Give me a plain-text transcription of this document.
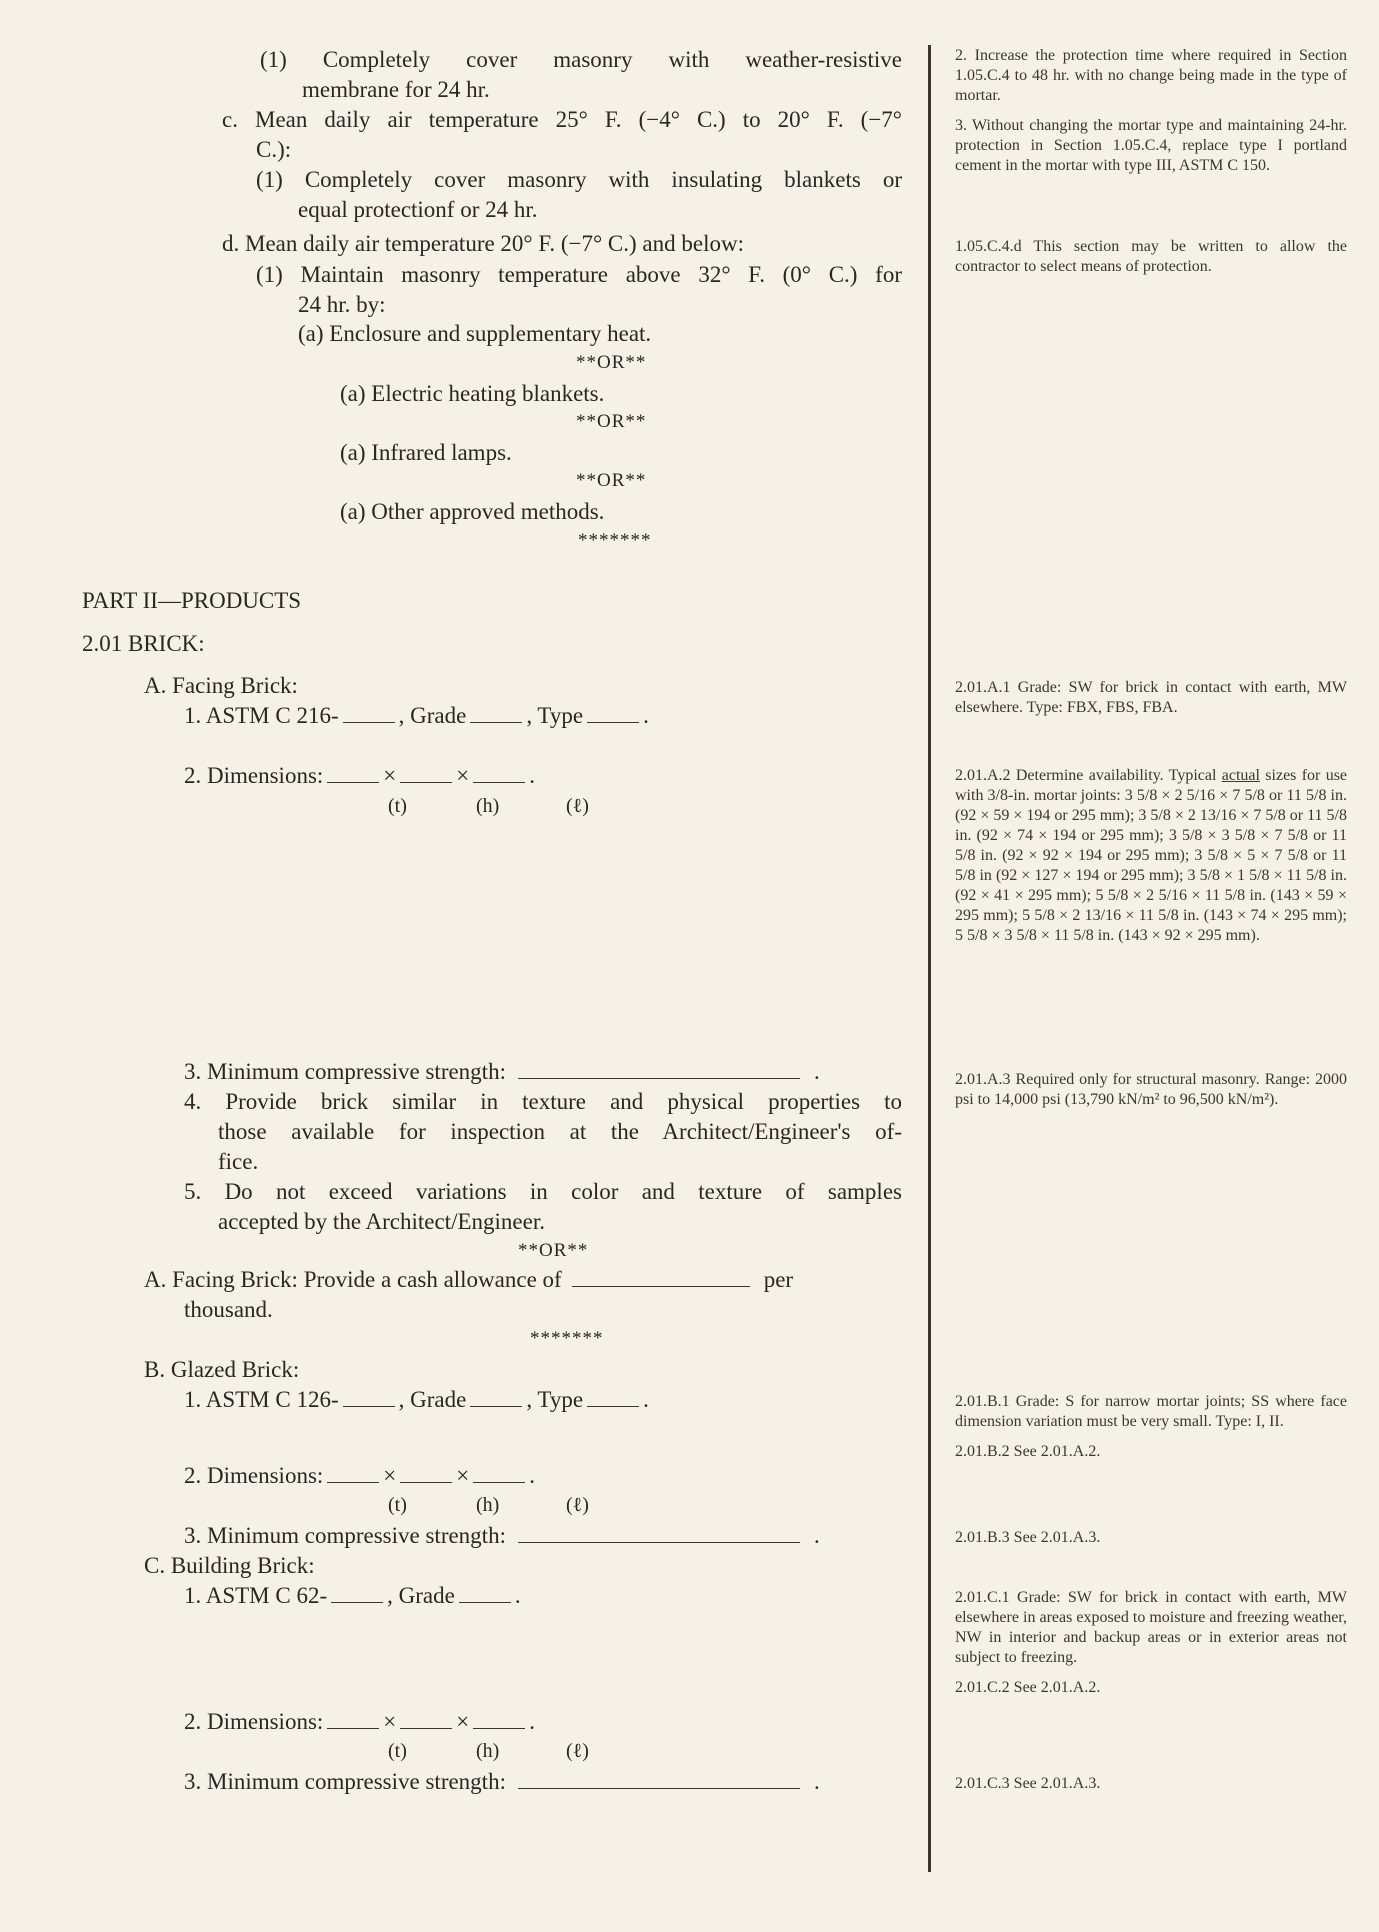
(1) Completely cover masonry with weather-resistive
membrane for 24 hr.
c. Mean daily air temperature 25° F. (−4° C.) to 20° F. (−7°
C.):
(1) Completely cover masonry with insulating blankets or
equal protectionf or 24 hr.
d. Mean daily air temperature 20° F. (−7° C.) and below:
(1) Maintain masonry temperature above 32° F. (0° C.) for
24 hr. by:
(a) Enclosure and supplementary heat.
**OR**
(a) Electric heating blankets.
**OR**
(a) Infrared lamps.
**OR**
(a) Other approved methods.
*******
PART II—PRODUCTS
2.01 BRICK:
A. Facing Brick:
1. ASTM C 216-	, Grade	, Type	.
2. Dimensions:	×	×	.
(t)	(h)	(ℓ)
3. Minimum compressive strength:	.
4. Provide brick similar in texture and physical properties to
those available for inspection at the Architect/Engineer's of-
fice.
5. Do not exceed variations in color and texture of samples
accepted by the Architect/Engineer.
**OR**
A. Facing Brick: Provide a cash allowance of	per
thousand.
*******
B. Glazed Brick:
1. ASTM C 126-	, Grade	, Type	.
2. Dimensions:	×	×	.
(t)	(h)	(ℓ)
3. Minimum compressive strength:	.
C. Building Brick:
1. ASTM C 62-	, Grade	.
2. Dimensions:	×	×	.
(t)	(h)	(ℓ)
3. Minimum compressive strength:	.

2. Increase the protection time where required in Section 1.05.C.4 to 48 hr. with no change being made in the type of mortar.

3. Without changing the mortar type and maintaining 24-hr. protection in Section 1.05.C.4, replace type I portland cement in the mortar with type III, ASTM C 150.

1.05.C.4.d This section may be written to allow the contractor to select means of protection.

2.01.A.1 Grade: SW for brick in contact with earth, MW elsewhere. Type: FBX, FBS, FBA.

2.01.A.2 Determine availability. Typical actual sizes for use with 3/8-in. mortar joints: 3 5/8 × 2 5/16 × 7 5/8 or 11 5/8 in. (92 × 59 × 194 or 295 mm); 3 5/8 × 2 13/16 × 7 5/8 or 11 5/8 in. (92 × 74 × 194 or 295 mm); 3 5/8 × 3 5/8 × 7 5/8 or 11 5/8 in. (92 × 92 × 194 or 295 mm); 3 5/8 × 5 × 7 5/8 or 11 5/8 in (92 × 127 × 194 or 295 mm); 3 5/8 × 1 5/8 × 11 5/8 in. (92 × 41 × 295 mm); 5 5/8 × 2 5/16 × 11 5/8 in. (143 × 59 × 295 mm); 5 5/8 × 2 13/16 × 11 5/8 in. (143 × 74 × 295 mm); 5 5/8 × 3 5/8 × 11 5/8 in. (143 × 92 × 295 mm).

2.01.A.3 Required only for structural masonry. Range: 2000 psi to 14,000 psi (13,790 kN/m² to 96,500 kN/m²).

2.01.B.1 Grade: S for narrow mortar joints; SS where face dimension variation must be very small. Type: I, II.

2.01.B.2 See 2.01.A.2.

2.01.B.3 See 2.01.A.3.

2.01.C.1 Grade: SW for brick in contact with earth, MW elsewhere in areas exposed to moisture and freezing weather, NW in interior and backup areas or in exterior areas not subject to freezing.

2.01.C.2 See 2.01.A.2.

2.01.C.3 See 2.01.A.3.
